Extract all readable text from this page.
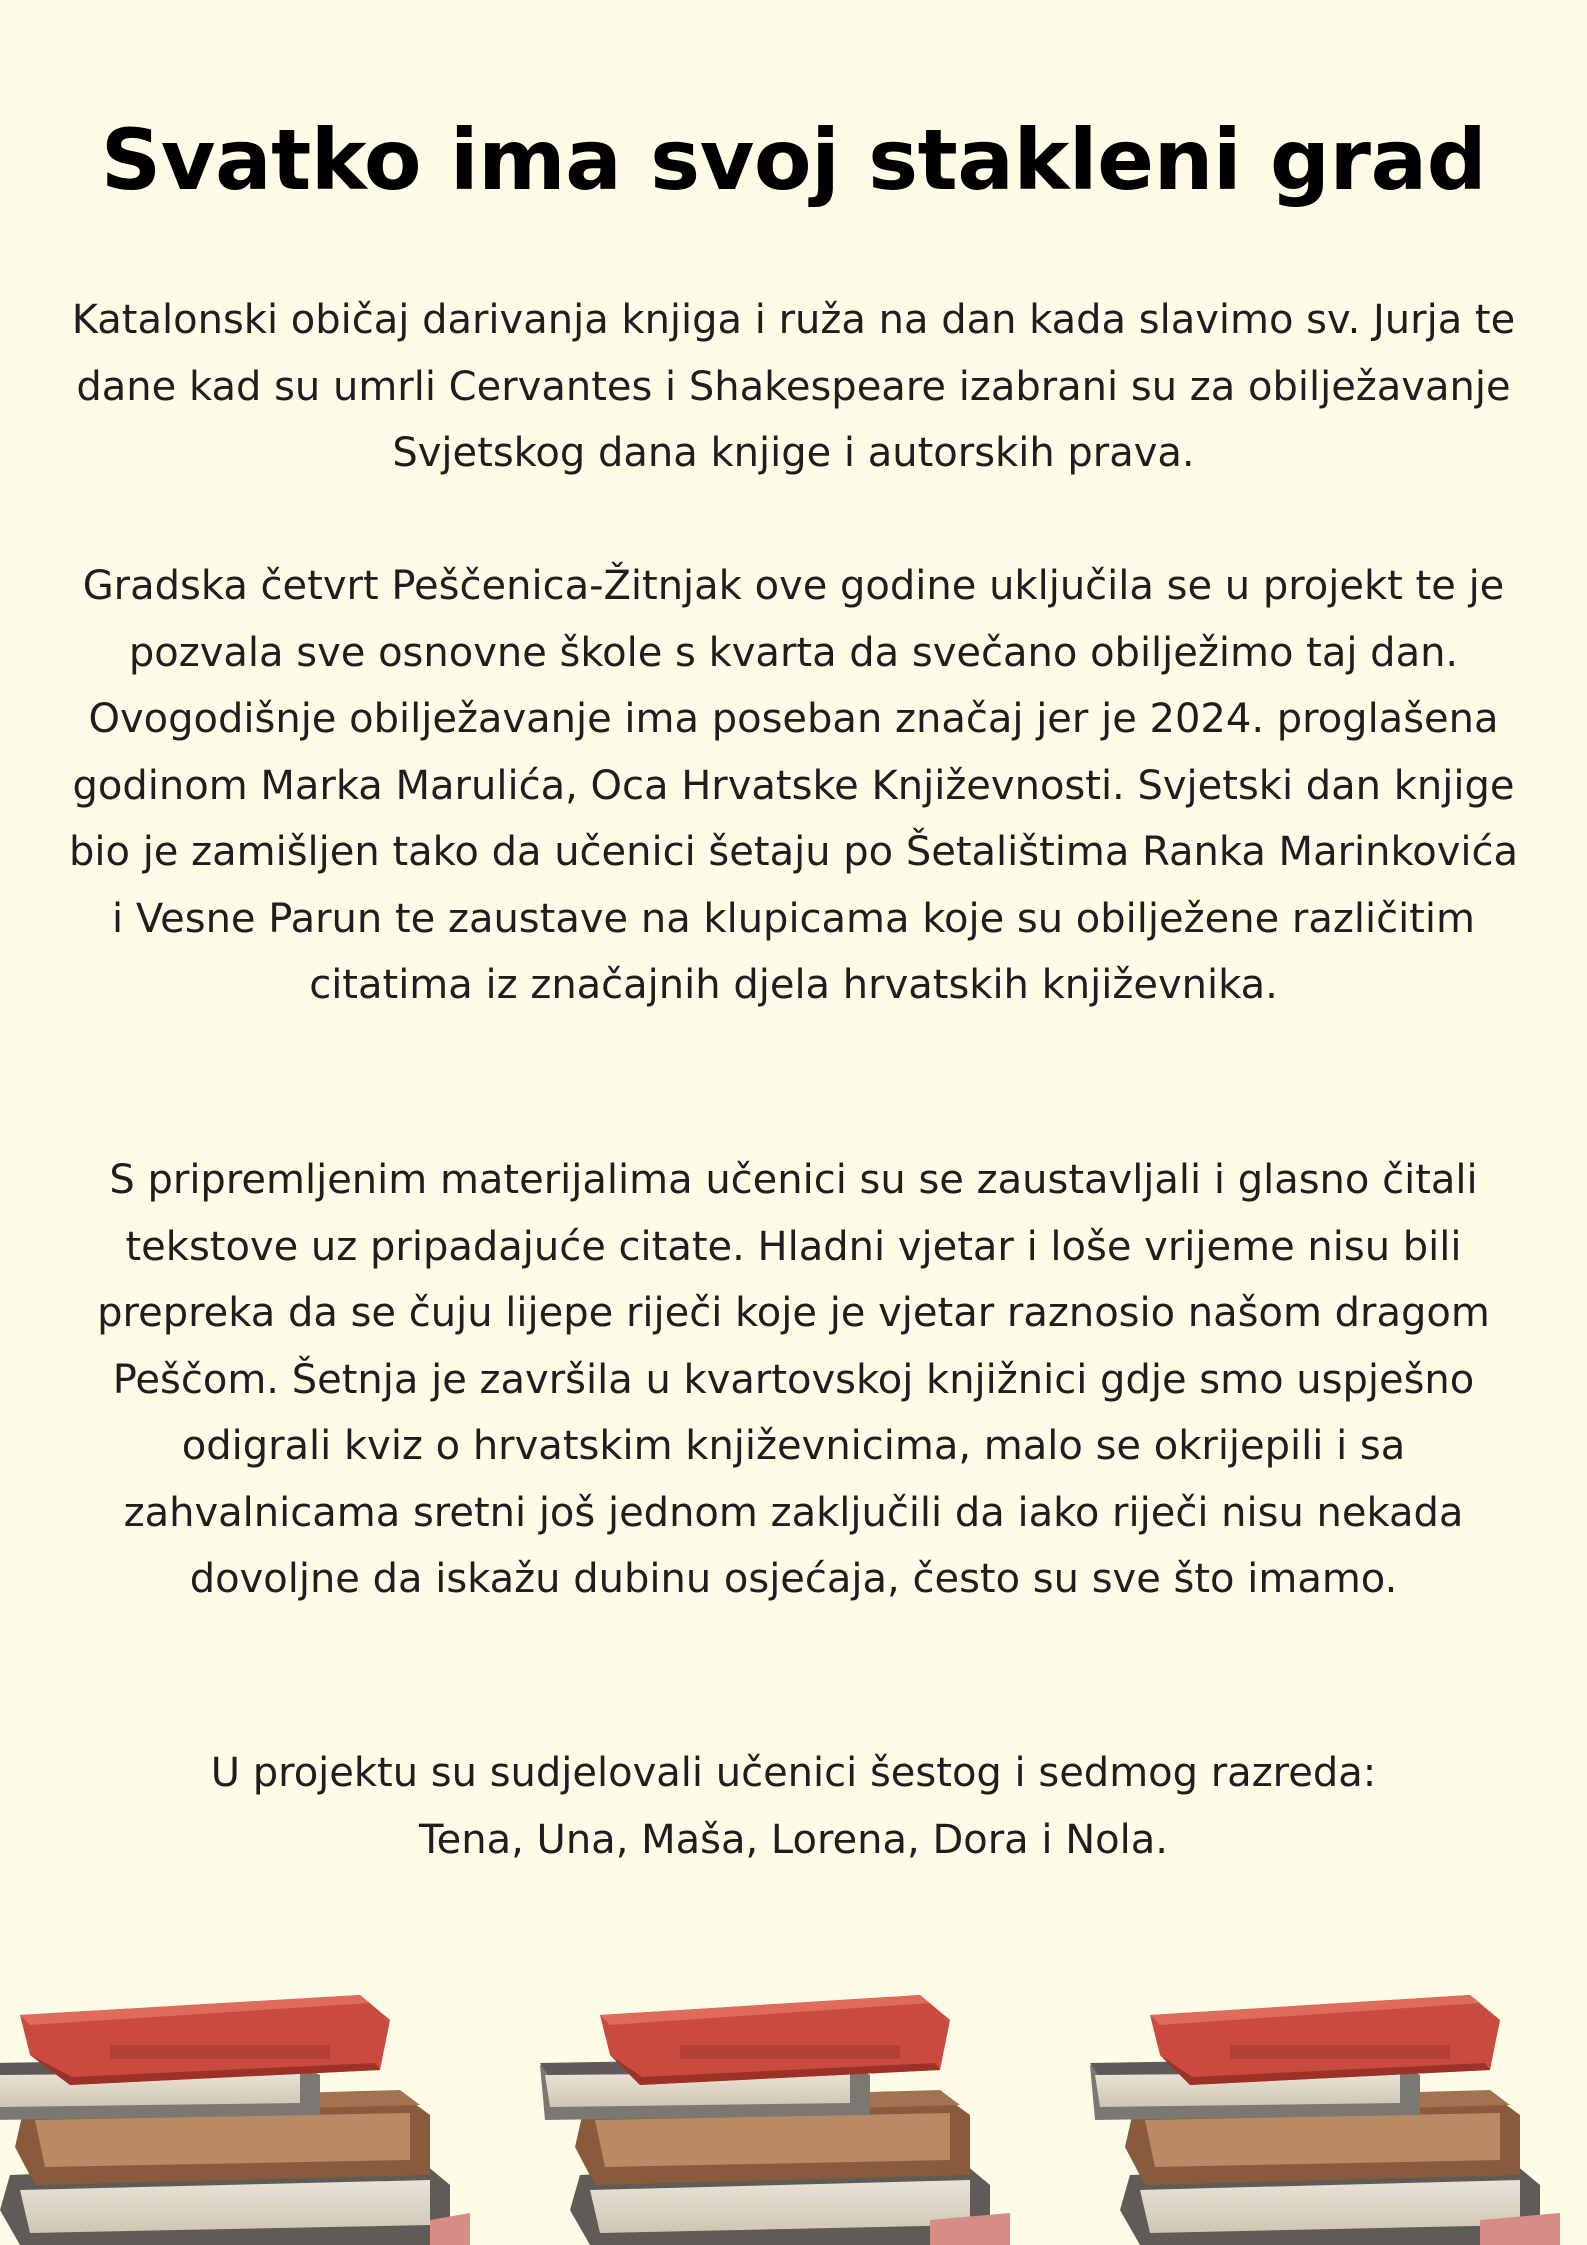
Svatko ima svoj stakleni grad

Katalonski običaj darivanja knjiga i ruža na dan kada slavimo sv. Jurja te dane kad su umrli Cervantes i Shakespeare izabrani su za obilježavanje Svjetskog dana knjige i autorskih prava.

Gradska četvrt Peščenica-Žitnjak ove godine uključila se u projekt te je pozvala sve osnovne škole s kvarta da svečano obilježimo taj dan. Ovogodišnje obilježavanje ima poseban značaj jer je 2024. proglašena godinom Marka Marulića, Oca Hrvatske Književnosti. Svjetski dan knjige bio je zamišljen tako da učenici šetaju po Šetalištima Ranka Marinkovića i Vesne Parun te zaustave na klupicama koje su obilježene različitim citatima iz značajnih djela hrvatskih književnika.

S pripremljenim materijalima učenici su se zaustavljali i glasno čitali tekstove uz pripadajuće citate. Hladni vjetar i loše vrijeme nisu bili prepreka da se čuju lijepe riječi koje je vjetar raznosio našom dragom Peščom. Šetnja je završila u kvartovskoj knjižnici gdje smo uspješno odigrali kviz o hrvatskim književnicima, malo se okrijepili i sa zahvalnicama sretni još jednom zaključili da iako riječi nisu nekada dovoljne da iskažu dubinu osjećaja, često su sve što imamo.

U projektu su sudjelovali učenici šestog i sedmog razreda:
Tena, Una, Maša, Lorena, Dora i Nola.
